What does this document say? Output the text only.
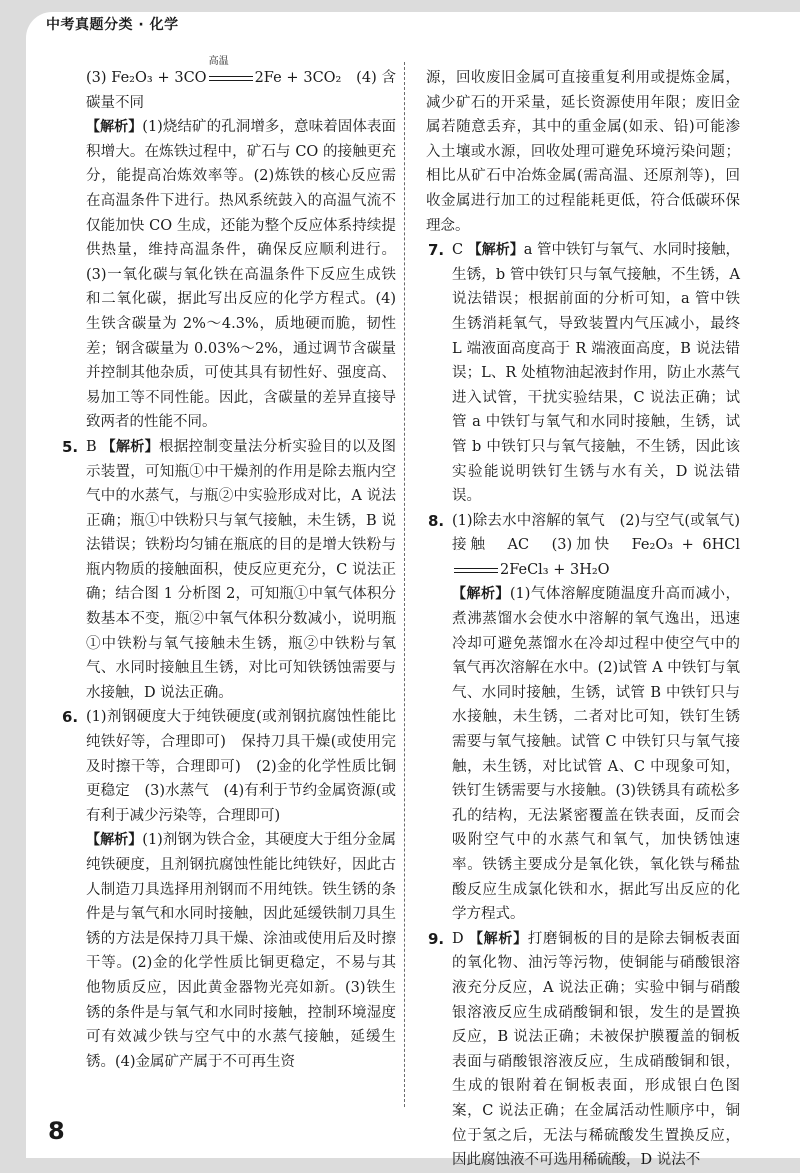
中考真题分类 · 化学

(3) Fe₂O₃ + 3CO
高温
2Fe + 3CO₂　(4) 含碳量不同

【解析】(1)烧结矿的孔洞增多，意味着固体表面积增大。在炼铁过程中，矿石与 CO 的接触更充分，能提高冶炼效率等。(2)炼铁的核心反应需在高温条件下进行。热风系统鼓入的高温气流不仅能加快 CO 生成，还能为整个反应体系持续提供热量，维持高温条件，确保反应顺利进行。(3)一氧化碳与氧化铁在高温条件下反应生成铁和二氧化碳，据此写出反应的化学方程式。(4)生铁含碳量为 2%～4.3%，质地硬而脆，韧性差；钢含碳量为 0.03%～2%，通过调节含碳量并控制其他杂质，可使其具有韧性好、强度高、易加工等不同性能。因此，含碳量的差异直接导致两者的性能不同。

5. B 【解析】根据控制变量法分析实验目的以及图示装置，可知瓶①中干燥剂的作用是除去瓶内空气中的水蒸气，与瓶②中实验形成对比，A 说法正确；瓶①中铁粉只与氧气接触，未生锈，B 说法错误；铁粉均匀铺在瓶底的目的是增大铁粉与瓶内物质的接触面积，使反应更充分，C 说法正确；结合图 1 分析图 2，可知瓶①中氧气体积分数基本不变，瓶②中氧气体积分数减小，说明瓶①中铁粉与氧气接触未生锈，瓶②中铁粉与氧气、水同时接触且生锈，对比可知铁锈蚀需要与水接触，D 说法正确。
6. (1)剂钢硬度大于纯铁硬度(或剂钢抗腐蚀性能比纯铁好等，合理即可)　保持刀具干燥(或使用完及时擦干等，合理即可)　(2)金的化学性质比铜更稳定　(3)水蒸气　(4)有利于节约金属资源(或有利于减少污染等，合理即可)

【解析】(1)剂钢为铁合金，其硬度大于组分金属纯铁硬度，且剂钢抗腐蚀性能比纯铁好，因此古人制造刀具选择用剂钢而不用纯铁。铁生锈的条件是与氧气和水同时接触，因此延缓铁制刀具生锈的方法是保持刀具干燥、涂油或使用后及时擦干等。(2)金的化学性质比铜更稳定，不易与其他物质反应，因此黄金器物光亮如新。(3)铁生锈的条件是与氧气和水同时接触，控制环境湿度可有效减少铁与空气中的水蒸气接触，延缓生锈。(4)金属矿产属于不可再生资

源，回收废旧金属可直接重复利用或提炼金属，减少矿石的开采量，延长资源使用年限；废旧金属若随意丢弃，其中的重金属(如汞、铅)可能渗入土壤或水源，回收处理可避免环境污染问题；相比从矿石中冶炼金属(需高温、还原剂等)，回收金属进行加工的过程能耗更低，符合低碳环保理念。

7. C 【解析】a 管中铁钉与氧气、水同时接触，生锈，b 管中铁钉只与氧气接触，不生锈，A 说法错误；根据前面的分析可知，a 管中铁生锈消耗氧气，导致装置内气压减小，最终 L 端液面高度高于 R 端液面高度，B 说法错误；L、R 处植物油起液封作用，防止水蒸气进入试管，干扰实验结果，C 说法正确；试管 a 中铁钉与氧气和水同时接触，生锈，试管 b 中铁钉只与氧气接触，不生锈，因此该实验能说明铁钉生锈与水有关，D 说法错误。
8. (1)除去水中溶解的氧气　(2)与空气(或氧气)接触　AC　(3)加快　Fe₂O₃ + 6HCl2FeCl₃ + 3H₂O

【解析】(1)气体溶解度随温度升高而减小，煮沸蒸馏水会使水中溶解的氧气逸出，迅速冷却可避免蒸馏水在冷却过程中使空气中的氧气再次溶解在水中。(2)试管 A 中铁钉与氧气、水同时接触，生锈，试管 B 中铁钉只与水接触，未生锈，二者对比可知，铁钉生锈需要与氧气接触。试管 C 中铁钉只与氧气接触，未生锈，对比试管 A、C 中现象可知，铁钉生锈需要与水接触。(3)铁锈具有疏松多孔的结构，无法紧密覆盖在铁表面，反而会吸附空气中的水蒸气和氧气，加快锈蚀速率。铁锈主要成分是氧化铁，氧化铁与稀盐酸反应生成氯化铁和水，据此写出反应的化学方程式。

9. D 【解析】打磨铜板的目的是除去铜板表面的氧化物、油污等污物，使铜能与硝酸银溶液充分反应，A 说法正确；实验中铜与硝酸银溶液反应生成硝酸铜和银，发生的是置换反应，B 说法正确；未被保护膜覆盖的铜板表面与硝酸银溶液反应，生成硝酸铜和银，生成的银附着在铜板表面，形成银白色图案，C 说法正确；在金属活动性顺序中，铜位于氢之后，无法与稀硫酸发生置换反应，因此腐蚀液不可选用稀硫酸，D 说法不
8
